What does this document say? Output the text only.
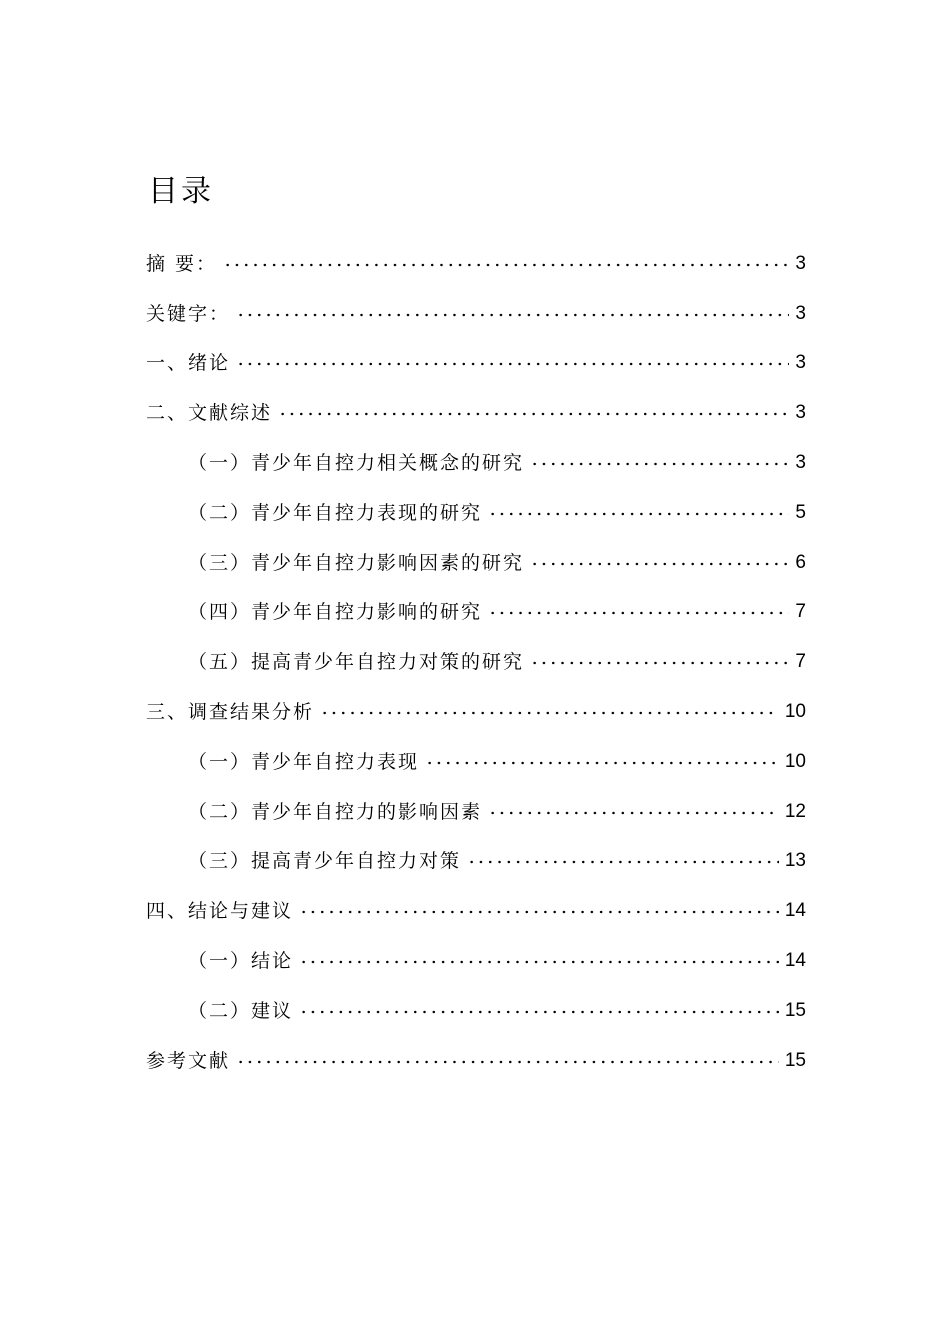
目录
摘 要：	3
关键字：	3
一、绪论	3
二、文献综述	3
（一）青少年自控力相关概念的研究	3
（二）青少年自控力表现的研究	5
（三）青少年自控力影响因素的研究	6
（四）青少年自控力影响的研究	7
（五）提高青少年自控力对策的研究	7
三、调查结果分析	10
（一）青少年自控力表现	10
（二）青少年自控力的影响因素	12
（三）提高青少年自控力对策	13
四、结论与建议	14
（一）结论	14
（二）建议	15
参考文献	15
